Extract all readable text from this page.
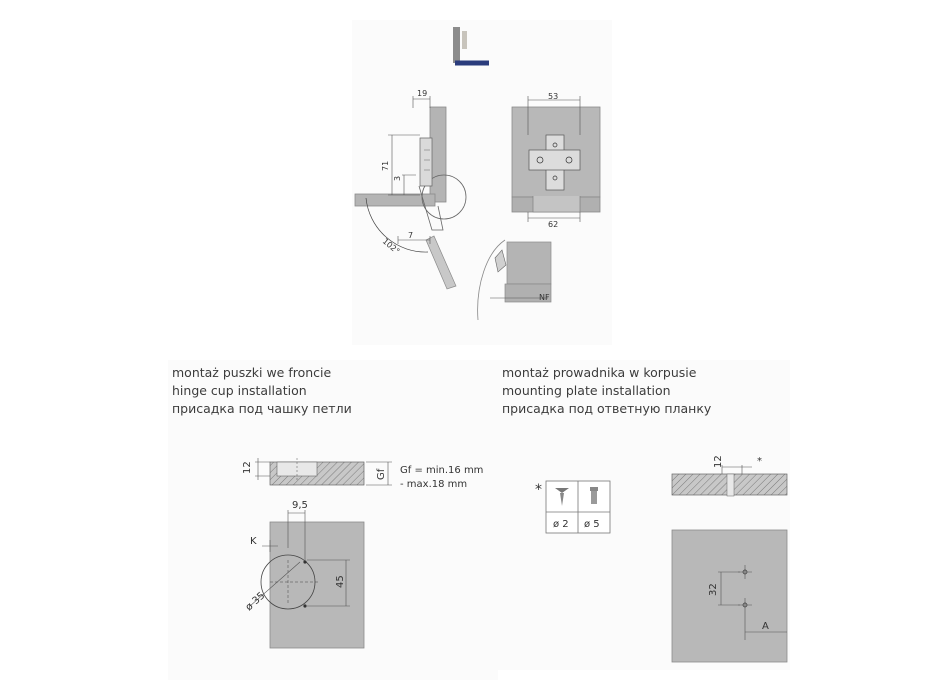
19
71
3
7
102°
53
62
NF
montaż puszki we froncie
hinge cup installation
присадка под чашку петли
montaż prowadnika w korpusie
mounting plate installation
присадка под ответную планку
12
Gf Gf = min.16 mm
- max.18 mm
9,5
K
ø 35
45
*
ø 2 ø 5
12	*
32
A
